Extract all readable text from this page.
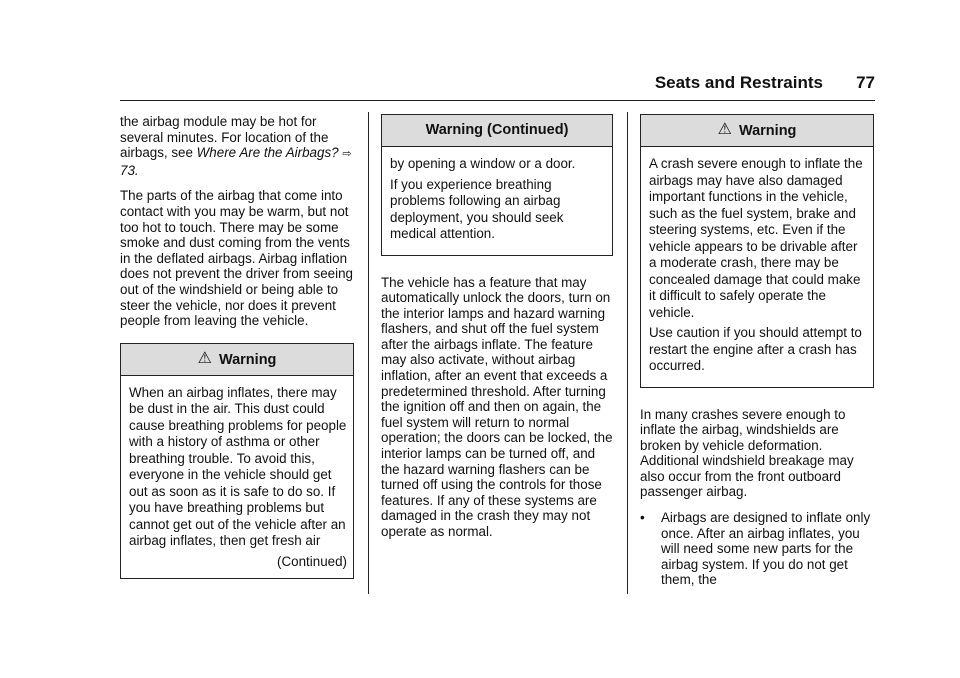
Seats and Restraints 77

the airbag module may be hot for several minutes. For location of the airbags, see Where Are the Airbags? ⇨ 73.

The parts of the airbag that come into contact with you may be warm, but not too hot to touch. There may be some smoke and dust coming from the vents in the deflated airbags. Airbag inflation does not prevent the driver from seeing out of the windshield or being able to steer the vehicle, nor does it prevent people from leaving the vehicle.

⚠ Warning

When an airbag inflates, there may be dust in the air. This dust could cause breathing problems for people with a history of asthma or other breathing trouble. To avoid this, everyone in the vehicle should get out as soon as it is safe to do so. If you have breathing problems but cannot get out of the vehicle after an airbag inflates, then get fresh air

(Continued)
Warning (Continued)

by opening a window or a door.

If you experience breathing problems following an airbag deployment, you should seek medical attention.

The vehicle has a feature that may automatically unlock the doors, turn on the interior lamps and hazard warning flashers, and shut off the fuel system after the airbags inflate. The feature may also activate, without airbag inflation, after an event that exceeds a predetermined threshold. After turning the ignition off and then on again, the fuel system will return to normal operation; the doors can be locked, the interior lamps can be turned off, and the hazard warning flashers can be turned off using the controls for those features. If any of these systems are damaged in the crash they may not operate as normal.

⚠ Warning

A crash severe enough to inflate the airbags may have also damaged important functions in the vehicle, such as the fuel system, brake and steering systems, etc. Even if the vehicle appears to be drivable after a moderate crash, there may be concealed damage that could make it difficult to safely operate the vehicle.

Use caution if you should attempt to restart the engine after a crash has occurred.

In many crashes severe enough to inflate the airbag, windshields are broken by vehicle deformation. Additional windshield breakage may also occur from the front outboard passenger airbag.

•	Airbags are designed to inflate only once. After an airbag inflates, you will need some new parts for the airbag system. If you do not get them, the
